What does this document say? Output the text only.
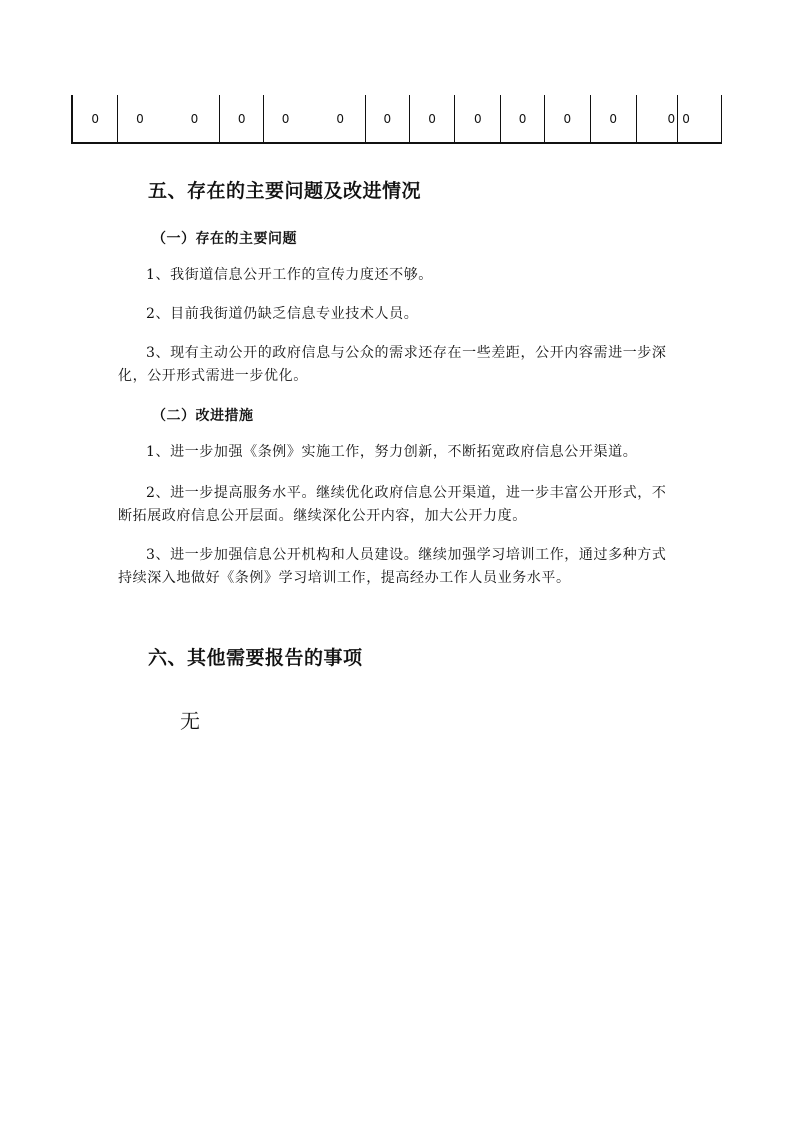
0	0		0	0	0		0	0	0	0	0	0	0	0	0
五、存在的主要问题及改进情况
（一）存在的主要问题

1、我街道信息公开工作的宣传力度还不够。

2、目前我街道仍缺乏信息专业技术人员。

3、现有主动公开的政府信息与公众的需求还存在一些差距，公开内容需进一步深化，公开形式需进一步优化。

（二）改进措施

1、进一步加强《条例》实施工作，努力创新，不断拓宽政府信息公开渠道。

2、进一步提高服务水平。继续优化政府信息公开渠道，进一步丰富公开形式，不断拓展政府信息公开层面。继续深化公开内容，加大公开力度。

3、进一步加强信息公开机构和人员建设。继续加强学习培训工作，通过多种方式持续深入地做好《条例》学习培训工作，提高经办工作人员业务水平。

六、其他需要报告的事项
无
